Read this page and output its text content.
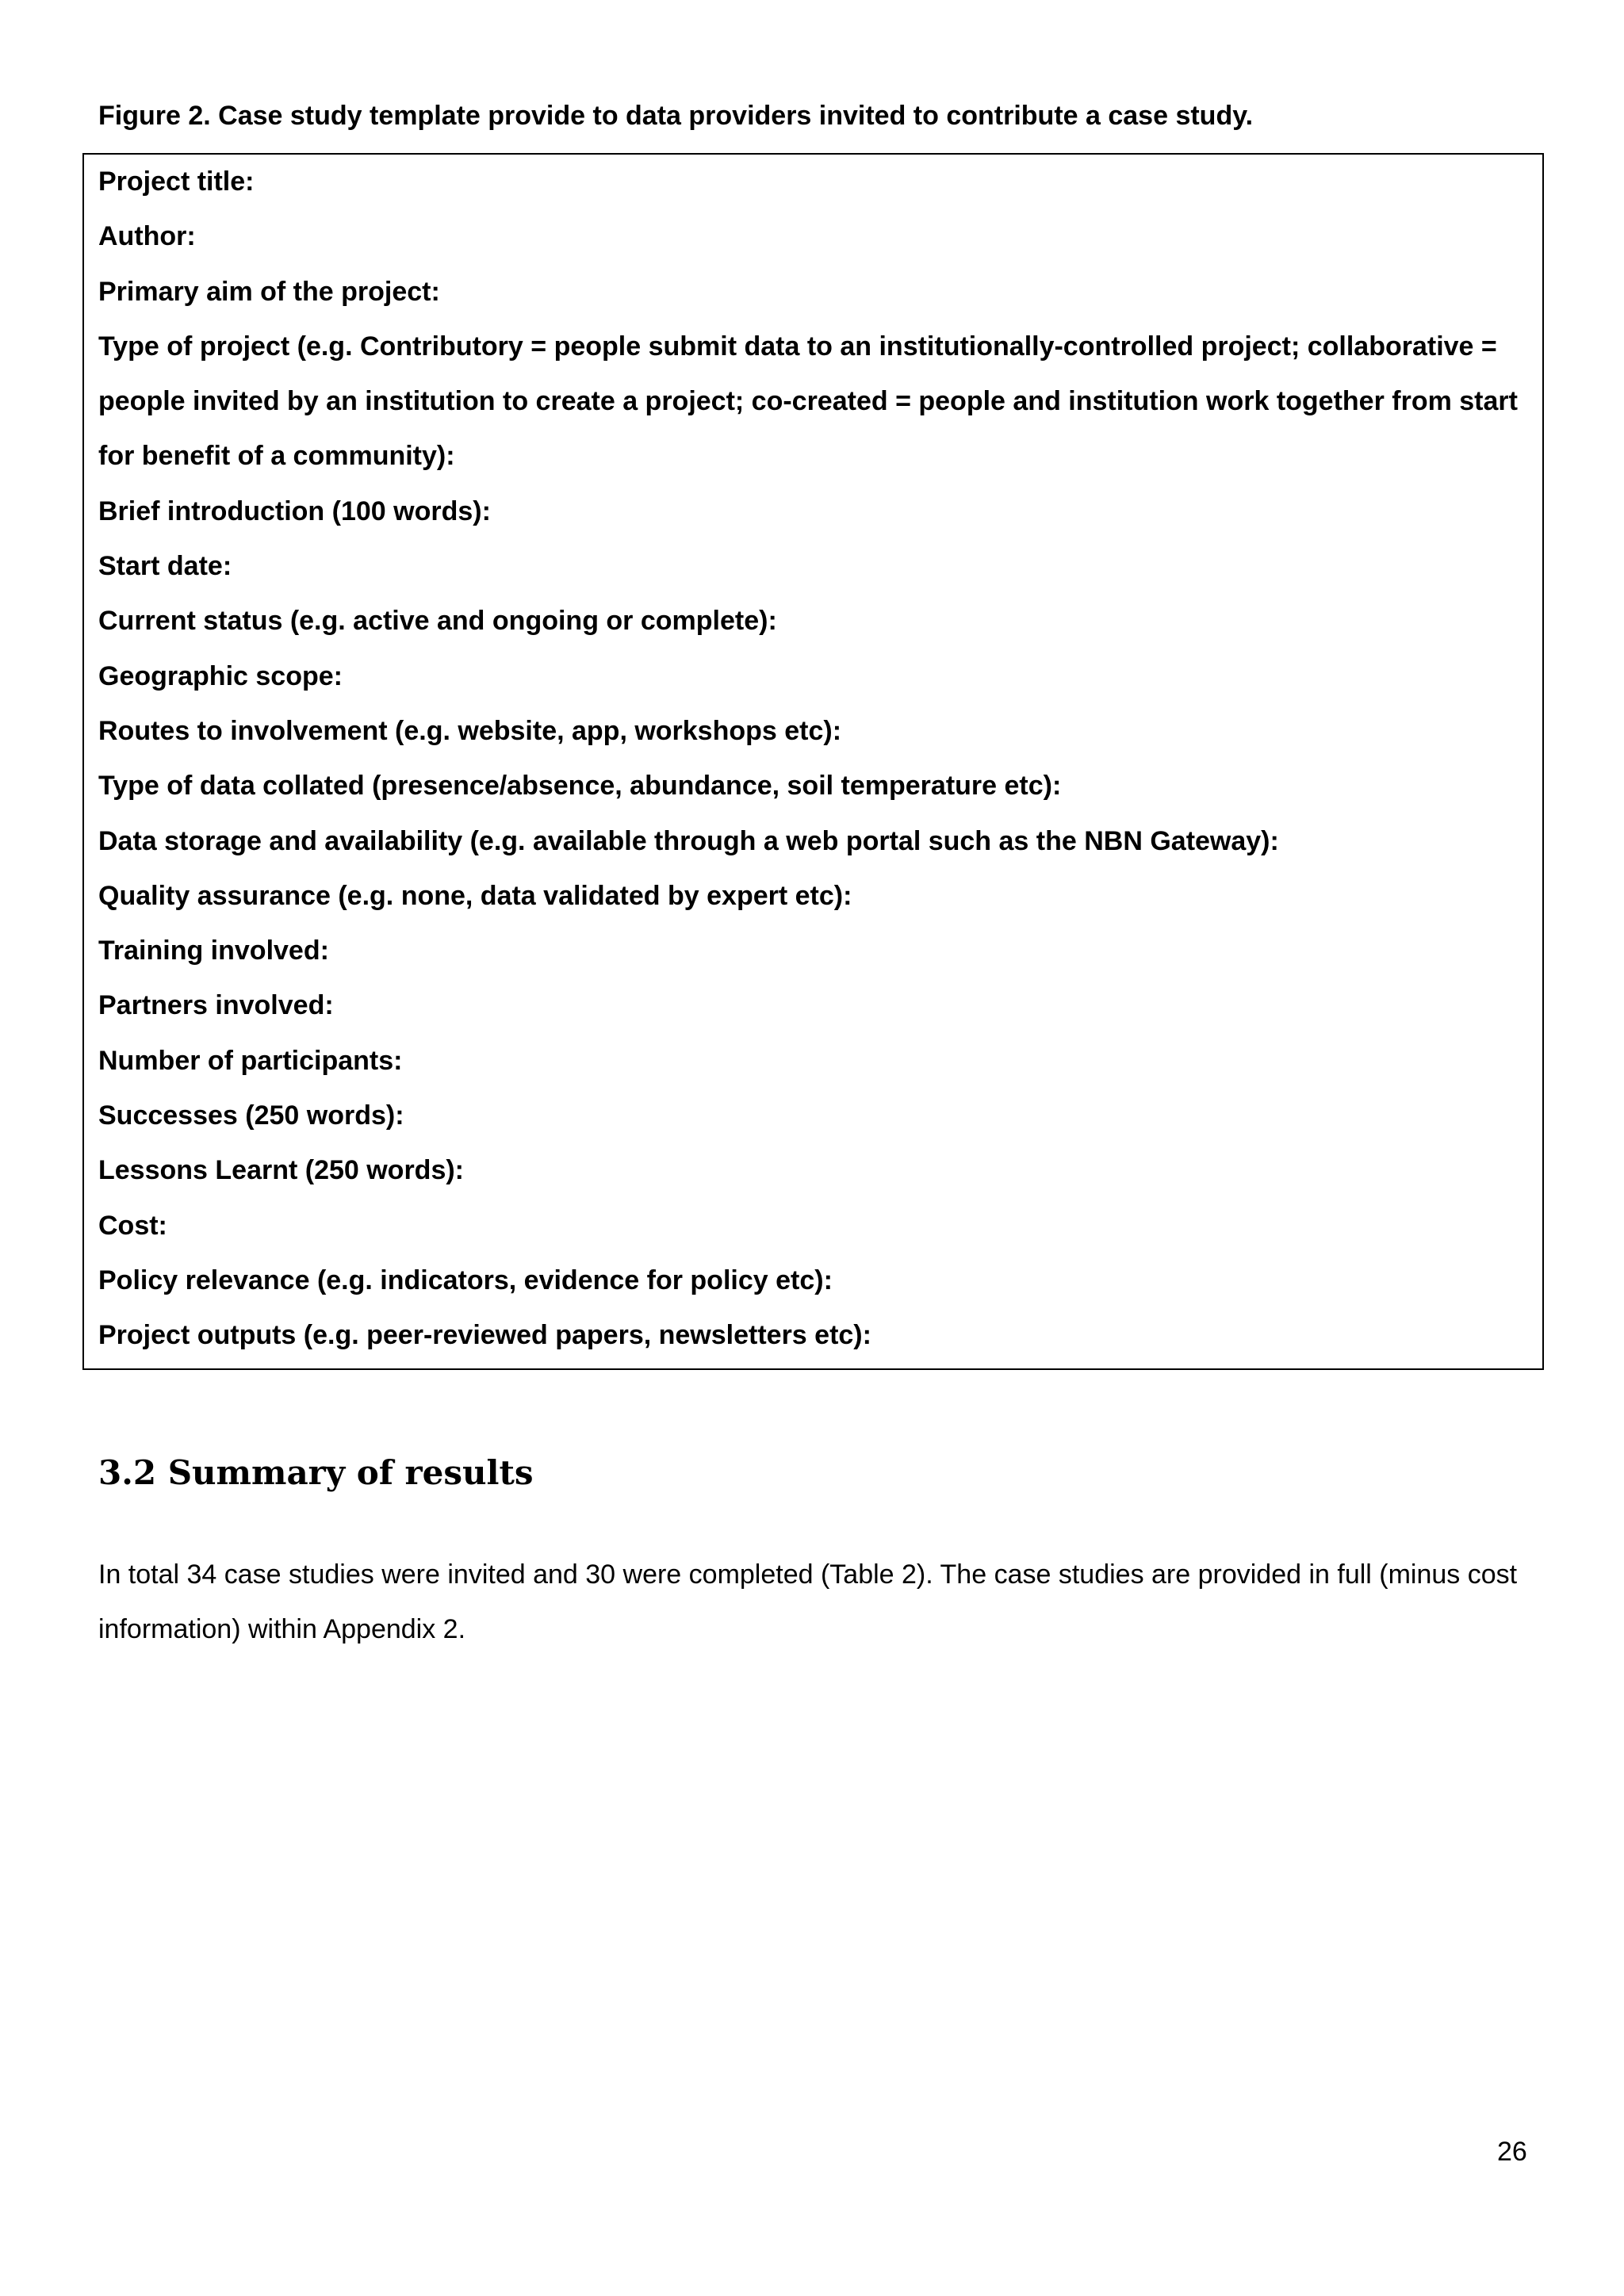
Figure 2. Case study template provide to data providers invited to contribute a case study.
Project title:
Author:
Primary aim of the project:
Type of project (e.g. Contributory = people submit data to an institutionally-controlled project; collaborative = people invited by an institution to create a project; co-created = people and institution work together from start for benefit of a community):
Brief introduction (100 words):
Start date:
Current status (e.g. active and ongoing or complete):
Geographic scope:
Routes to involvement (e.g. website, app, workshops etc):
Type of data collated (presence/absence, abundance, soil temperature etc):
Data storage and availability (e.g. available through a web portal such as the NBN Gateway):
Quality assurance (e.g. none, data validated by expert etc):
Training involved:
Partners involved:
Number of participants:
Successes (250 words):
Lessons Learnt (250 words):
Cost:
Policy relevance (e.g. indicators, evidence for policy etc):
Project outputs (e.g. peer-reviewed papers, newsletters etc):
3.2 Summary of results

In total 34 case studies were invited and 30 were completed (Table 2). The case studies are provided in full (minus cost information) within Appendix 2.

26
